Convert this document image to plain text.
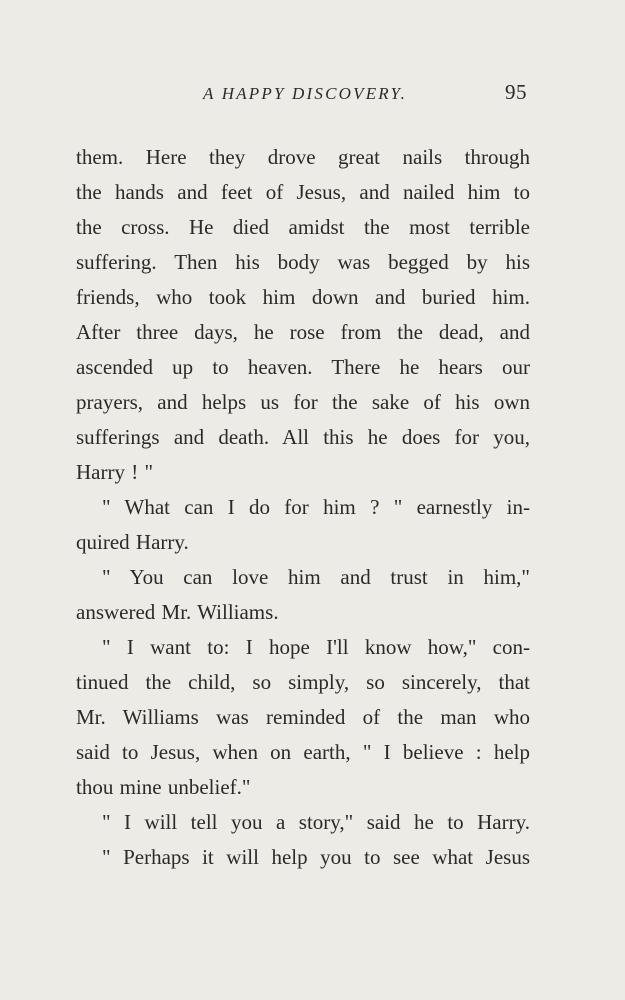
A HAPPY DISCOVERY.	95
them. Here they drove great nails through
the hands and feet of Jesus, and nailed him to
the cross. He died amidst the most terrible
suffering. Then his body was begged by his
friends, who took him down and buried him.
After three days, he rose from the dead, and
ascended up to heaven. There he hears our
prayers, and helps us for the sake of his own
sufferings and death. All this he does for you,
Harry ! "
" What can I do for him ? " earnestly in-
quired Harry.
" You can love him and trust in him,"
answered Mr. Williams.
" I want to: I hope I'll know how," con-
tinued the child, so simply, so sincerely, that
Mr. Williams was reminded of the man who
said to Jesus, when on earth, " I believe : help
thou mine unbelief."
" I will tell you a story," said he to Harry.
" Perhaps it will help you to see what Jesus
